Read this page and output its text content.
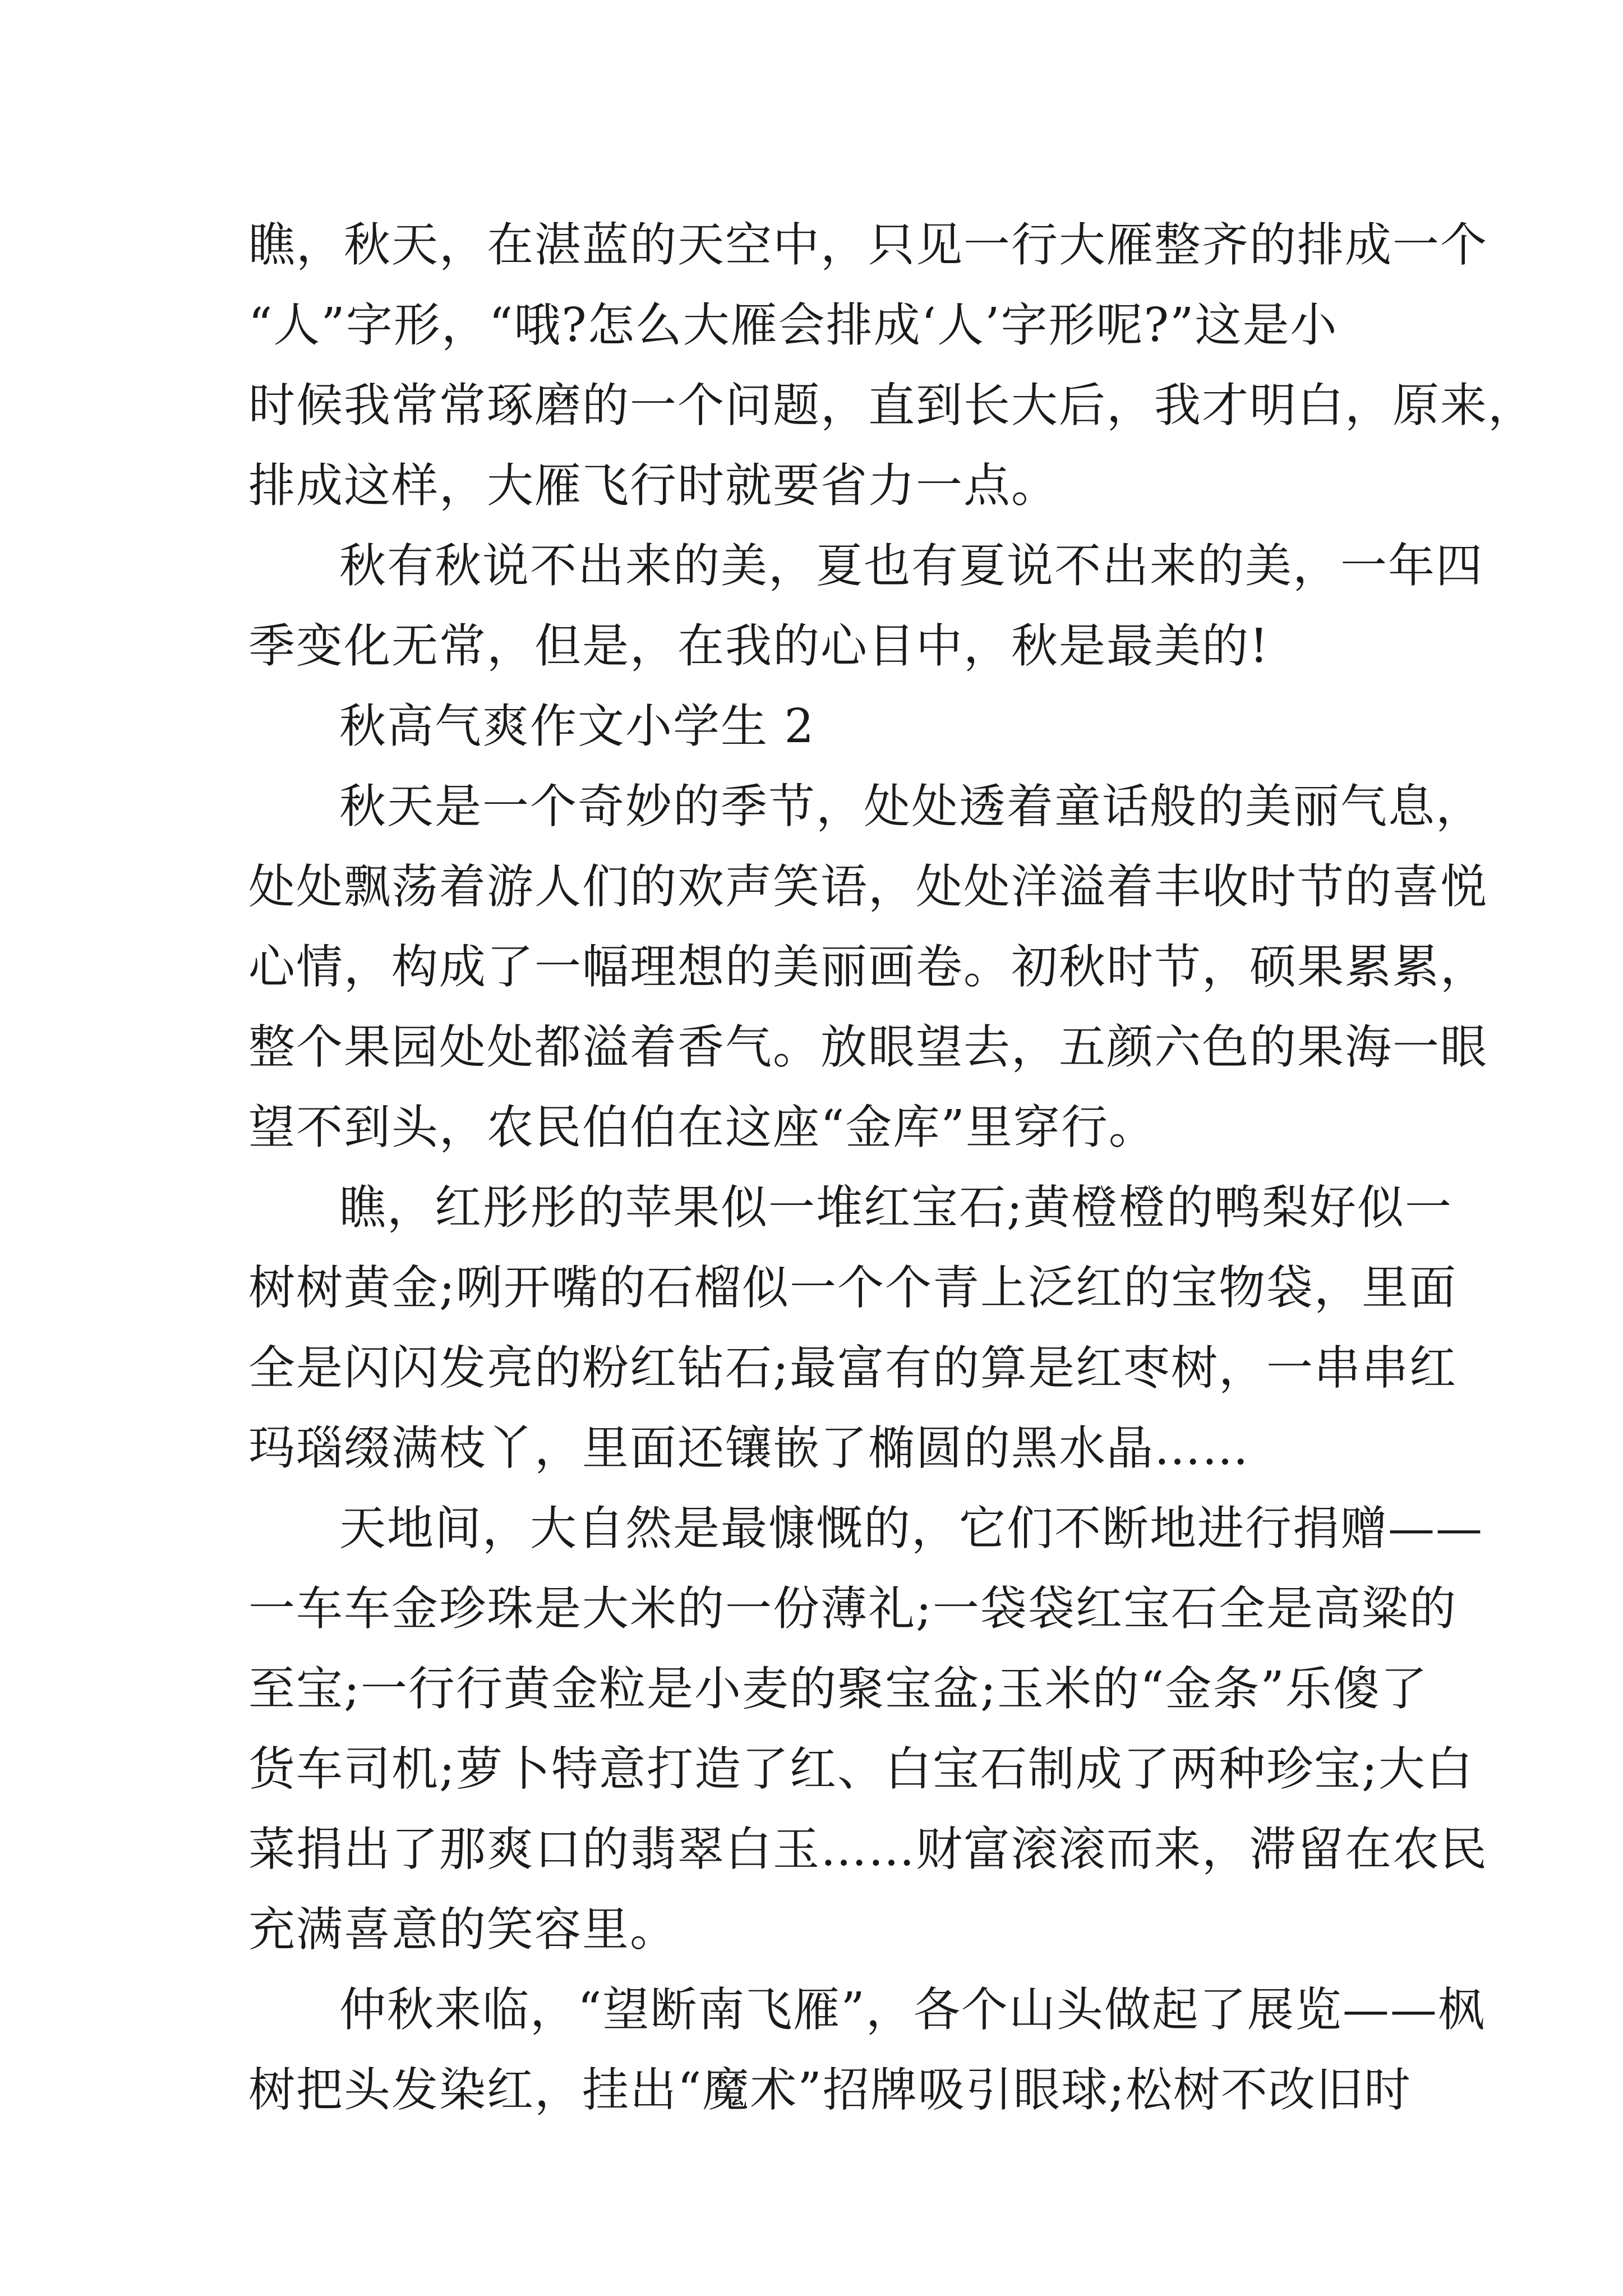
瞧，秋天，在湛蓝的天空中，只见一行大雁整齐的排成一个
“人”字形，“哦?怎么大雁会排成‘人’字形呢?”这是小
时候我常常琢磨的一个问题，直到长大后，我才明白，原来，
排成这样，大雁飞行时就要省力一点。
秋有秋说不出来的美，夏也有夏说不出来的美，一年四
季变化无常，但是，在我的心目中，秋是最美的!
秋高气爽作文小学生 2
秋天是一个奇妙的季节，处处透着童话般的美丽气息，
处处飘荡着游人们的欢声笑语，处处洋溢着丰收时节的喜悦
心情，构成了一幅理想的美丽画卷。初秋时节，硕果累累，
整个果园处处都溢着香气。放眼望去，五颜六色的果海一眼
望不到头，农民伯伯在这座“金库”里穿行。
瞧，红彤彤的苹果似一堆红宝石;黄橙橙的鸭梨好似一
树树黄金;咧开嘴的石榴似一个个青上泛红的宝物袋，里面
全是闪闪发亮的粉红钻石;最富有的算是红枣树，一串串红
玛瑙缀满枝丫，里面还镶嵌了椭圆的黑水晶……
天地间，大自然是最慷慨的，它们不断地进行捐赠——
一车车金珍珠是大米的一份薄礼;一袋袋红宝石全是高粱的
至宝;一行行黄金粒是小麦的聚宝盆;玉米的“金条”乐傻了
货车司机;萝卜特意打造了红、白宝石制成了两种珍宝;大白
菜捐出了那爽口的翡翠白玉……财富滚滚而来，滞留在农民
充满喜意的笑容里。
仲秋来临，“望断南飞雁”，各个山头做起了展览——枫
树把头发染红，挂出“魔术”招牌吸引眼球;松树不改旧时
